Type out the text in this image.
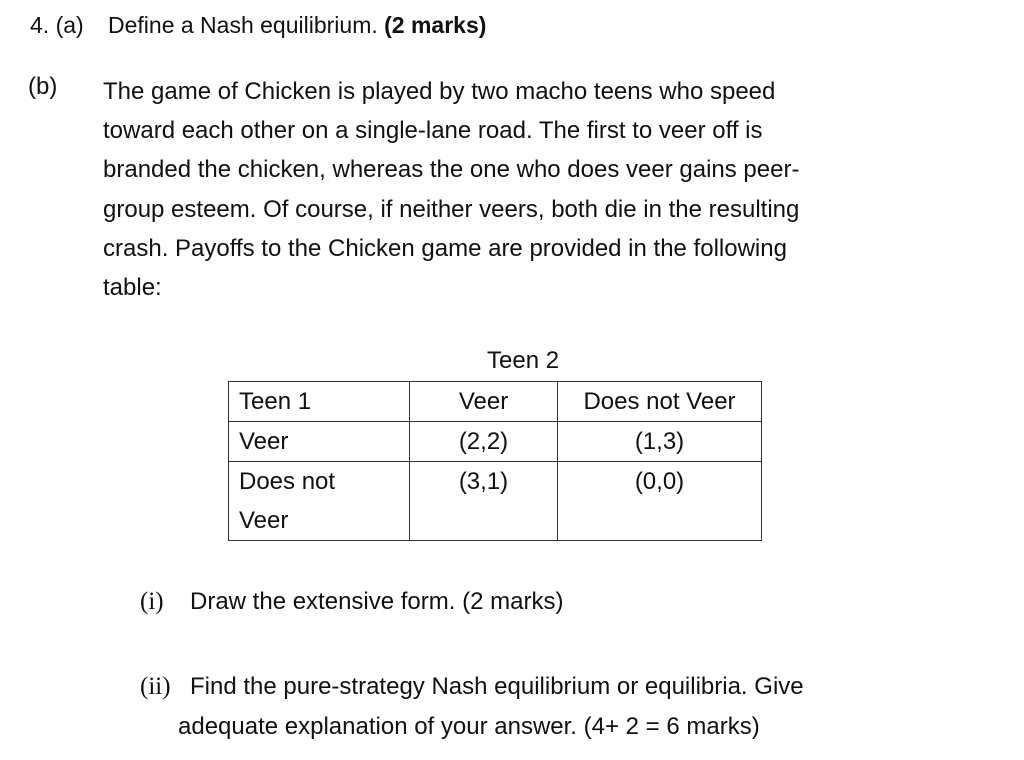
4. (a) Define a Nash equilibrium. (2 marks)
(b) The game of Chicken is played by two macho teens who speed
toward each other on a single-lane road. The first to veer off is
branded the chicken, whereas the one who does veer gains peer-
group esteem. Of course, if neither veers, both die in the resulting
crash. Payoffs to the Chicken game are provided in the following
table:
Teen 2
Teen 1	Veer	Does not Veer
Veer	(2,2)	(1,3)

Does not
Veer	(3,1)	(0,0)
(i) Draw the extensive form. (2 marks)
(ii) Find the pure-strategy Nash equilibrium or equilibria. Give
adequate explanation of your answer. (4+ 2 = 6 marks)
